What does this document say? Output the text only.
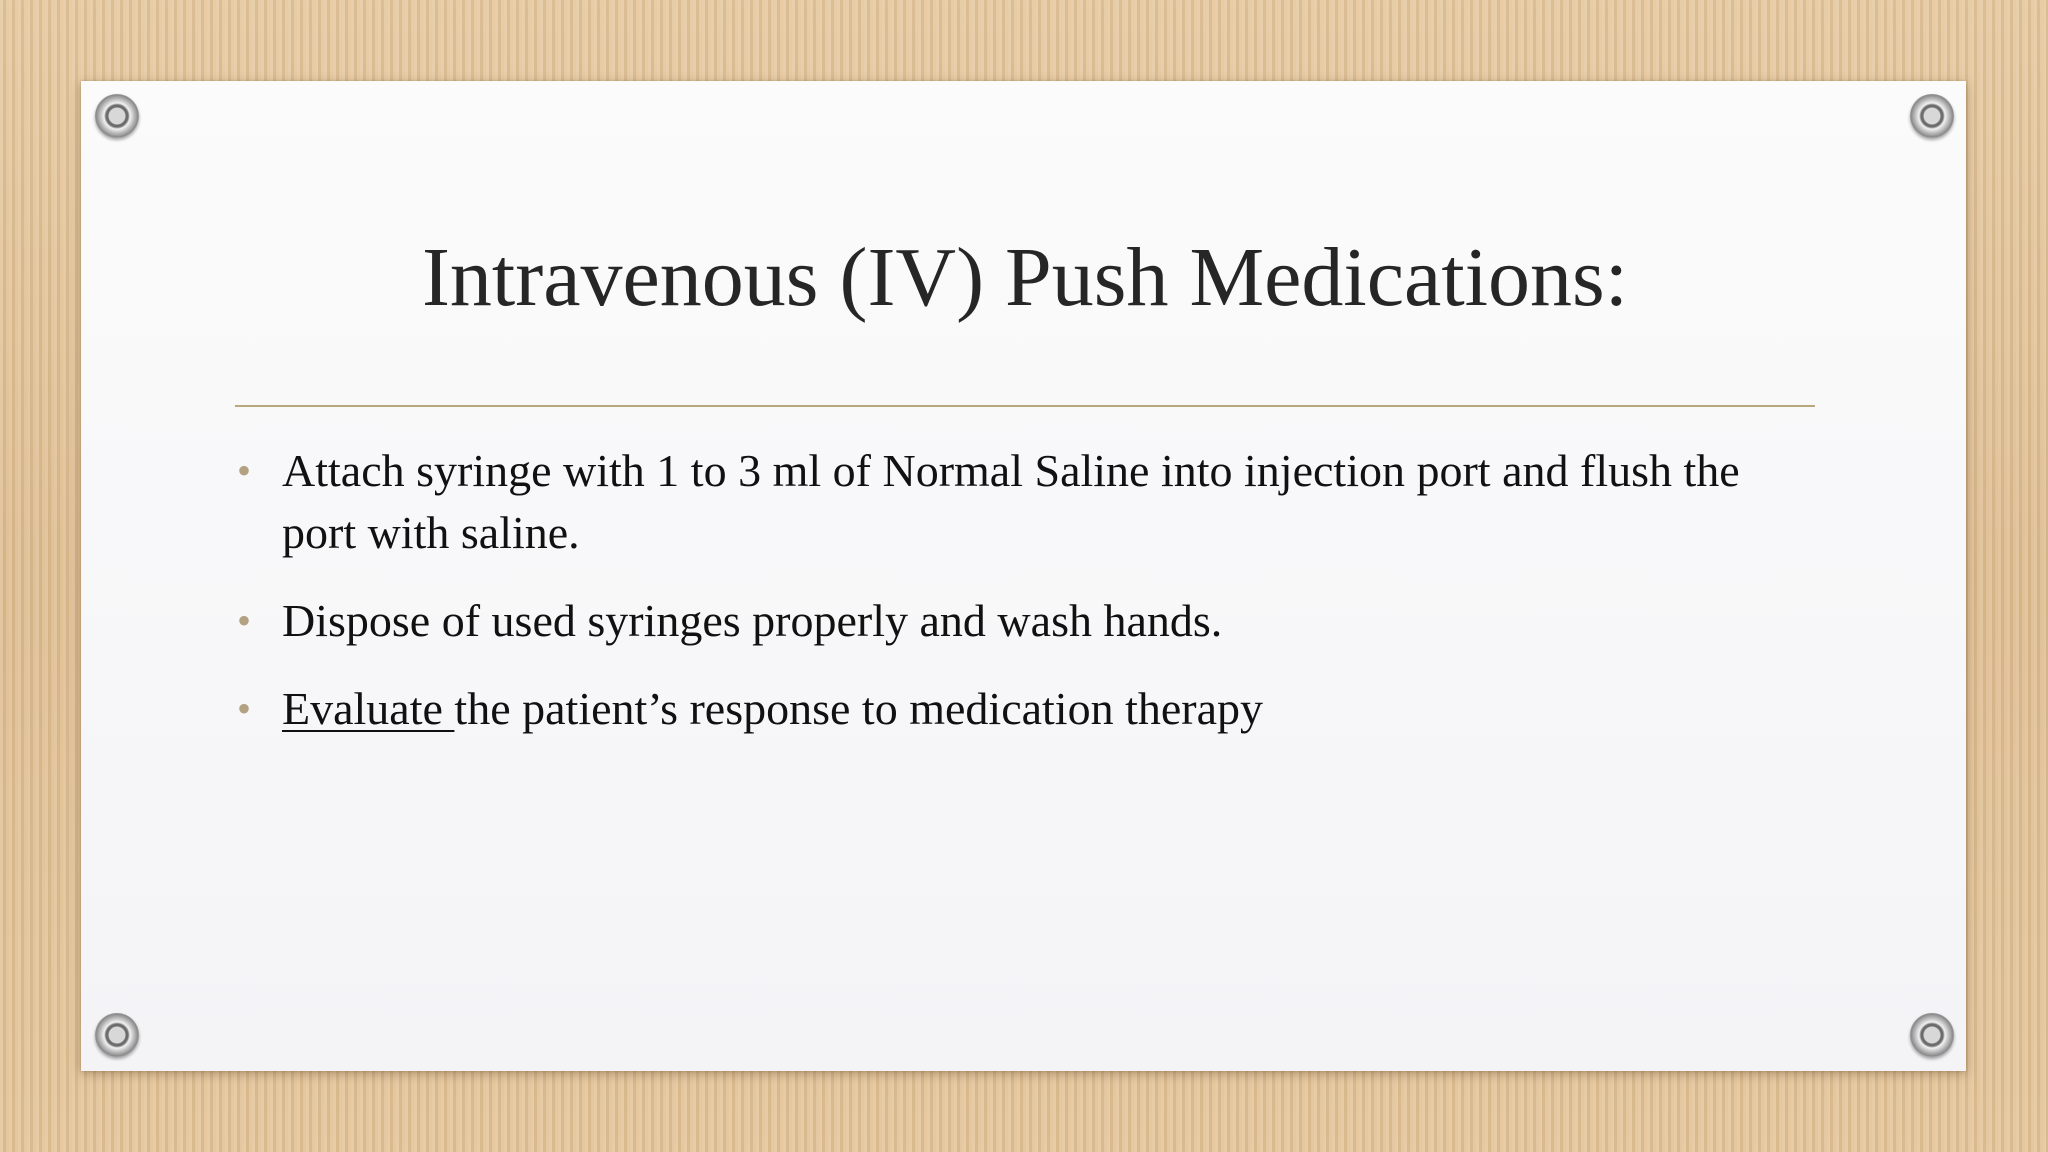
Intravenous (IV) Push Medications:
• Attach syringe with 1 to 3 ml of Normal Saline into injection port and flush the port with saline.
• Dispose of used syringes properly and wash hands.
• Evaluate the patient’s response to medication therapy
